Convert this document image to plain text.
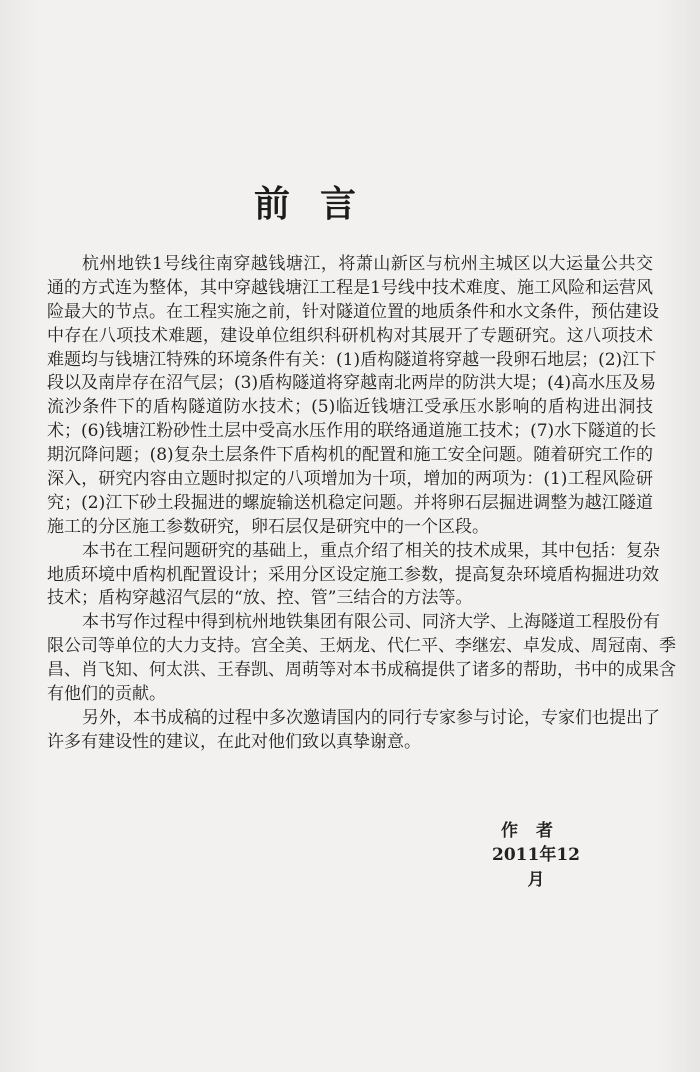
前言
杭州地铁1号线往南穿越钱塘江，将萧山新区与杭州主城区以大运量公共交
通的方式连为整体，其中穿越钱塘江工程是1号线中技术难度、施工风险和运营风
险最大的节点。在工程实施之前，针对隧道位置的地质条件和水文条件，预估建设
中存在八项技术难题，建设单位组织科研机构对其展开了专题研究。这八项技术
难题均与钱塘江特殊的环境条件有关：(1)盾构隧道将穿越一段卵石地层；(2)江下
段以及南岸存在沼气层；(3)盾构隧道将穿越南北两岸的防洪大堤；(4)高水压及易
流沙条件下的盾构隧道防水技术；(5)临近钱塘江受承压水影响的盾构进出洞技
术；(6)钱塘江粉砂性土层中受高水压作用的联络通道施工技术；(7)水下隧道的长
期沉降问题；(8)复杂土层条件下盾构机的配置和施工安全问题。随着研究工作的
深入，研究内容由立题时拟定的八项增加为十项，增加的两项为：(1)工程风险研
究；(2)江下砂土段掘进的螺旋输送机稳定问题。并将卵石层掘进调整为越江隧道
施工的分区施工参数研究，卵石层仅是研究中的一个区段。
本书在工程问题研究的基础上，重点介绍了相关的技术成果，其中包括：复杂
地质环境中盾构机配置设计；采用分区设定施工参数，提高复杂环境盾构掘进功效
技术；盾构穿越沼气层的“放、控、管”三结合的方法等。
本书写作过程中得到杭州地铁集团有限公司、同济大学、上海隧道工程股份有
限公司等单位的大力支持。宫全美、王炳龙、代仁平、李继宏、卓发成、周冠南、季
昌、肖飞知、何太洪、王春凯、周萌等对本书成稿提供了诸多的帮助，书中的成果含
有他们的贡献。
另外，本书成稿的过程中多次邀请国内的同行专家参与讨论，专家们也提出了
许多有建设性的建议，在此对他们致以真挚谢意。
作者
2011年12月
